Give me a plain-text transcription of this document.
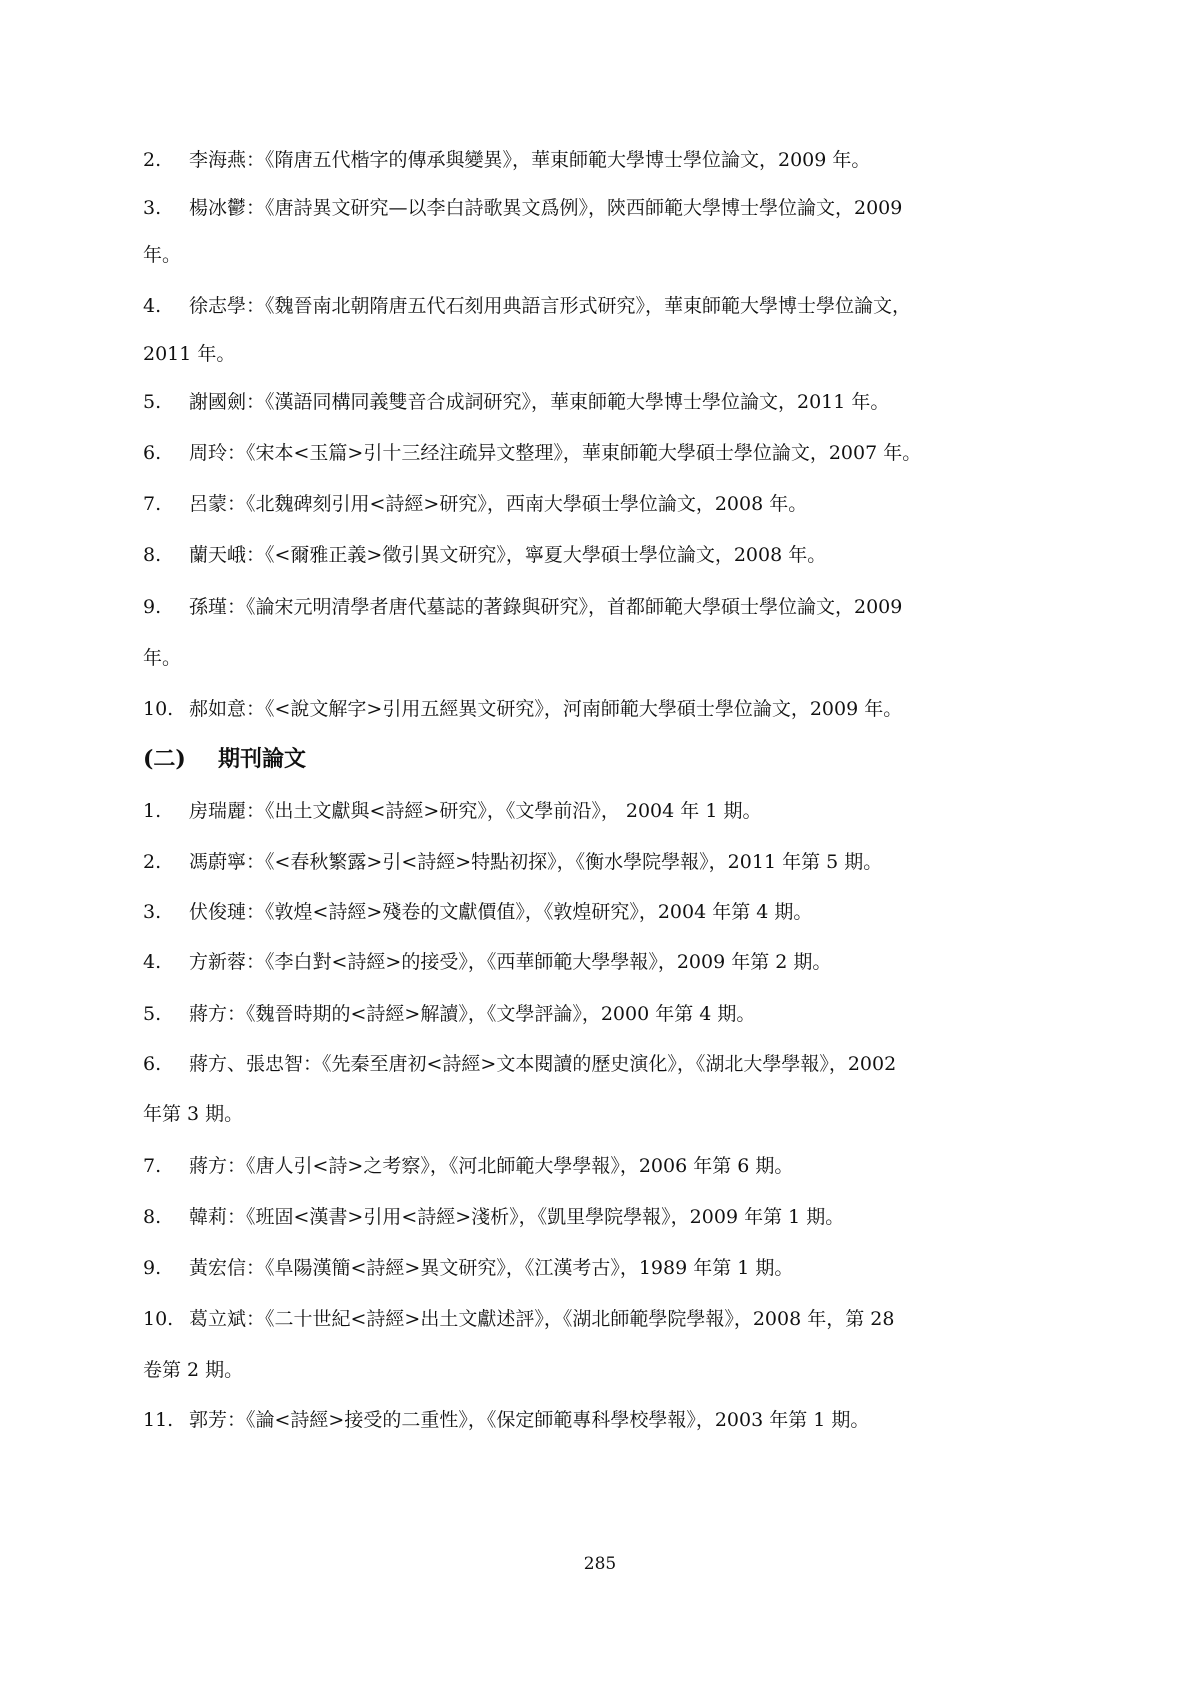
2. 李海燕：《隋唐五代楷字的傳承與變異》，華東師範大學博士學位論文，2009 年。
3. 楊冰鬱：《唐詩異文研究—以李白詩歌異文爲例》，陝西師範大學博士學位論文，2009
年。
4. 徐志學：《魏晉南北朝隋唐五代石刻用典語言形式研究》，華東師範大學博士學位論文，
2011 年。
5. 謝國劍：《漢語同構同義雙音合成詞研究》，華東師範大學博士學位論文，2011 年。
6. 周玲：《宋本<玉篇>引十三经注疏异文整理》，華東師範大學碩士學位論文，2007 年。
7. 呂蒙：《北魏碑刻引用<詩經>研究》，西南大學碩士學位論文，2008 年。
8. 蘭天峨：《<爾雅正義>徵引異文研究》，寧夏大學碩士學位論文，2008 年。
9. 孫瑾：《論宋元明清學者唐代墓誌的著錄與研究》，首都師範大學碩士學位論文，2009
年。
10. 郝如意：《<說文解字>引用五經異文研究》，河南師範大學碩士學位論文，2009 年。
(二) 期刊論文
1. 房瑞麗：《出土文獻與<詩經>研究》，《文學前沿》， 2004 年 1 期。
2. 馮蔚寧：《<春秋繁露>引<詩經>特點初探》，《衡水學院學報》，2011 年第 5 期。
3. 伏俊璉：《敦煌<詩經>殘卷的文獻價值》，《敦煌研究》，2004 年第 4 期。
4. 方新蓉：《李白對<詩經>的接受》，《西華師範大學學報》，2009 年第 2 期。
5. 蔣方：《魏晉時期的<詩經>解讀》，《文學評論》，2000 年第 4 期。
6. 蔣方、張忠智：《先秦至唐初<詩經>文本閱讀的歷史演化》，《湖北大學學報》，2002
年第 3 期。
7. 蔣方：《唐人引<詩>之考察》，《河北師範大學學報》，2006 年第 6 期。
8. 韓莉：《班固<漢書>引用<詩經>淺析》，《凱里學院學報》，2009 年第 1 期。
9. 黃宏信：《阜陽漢簡<詩經>異文研究》，《江漢考古》，1989 年第 1 期。
10. 葛立斌：《二十世紀<詩經>出土文獻述評》，《湖北師範學院學報》，2008 年，第 28
卷第 2 期。
11. 郭芳：《論<詩經>接受的二重性》，《保定師範專科學校學報》，2003 年第 1 期。
285
